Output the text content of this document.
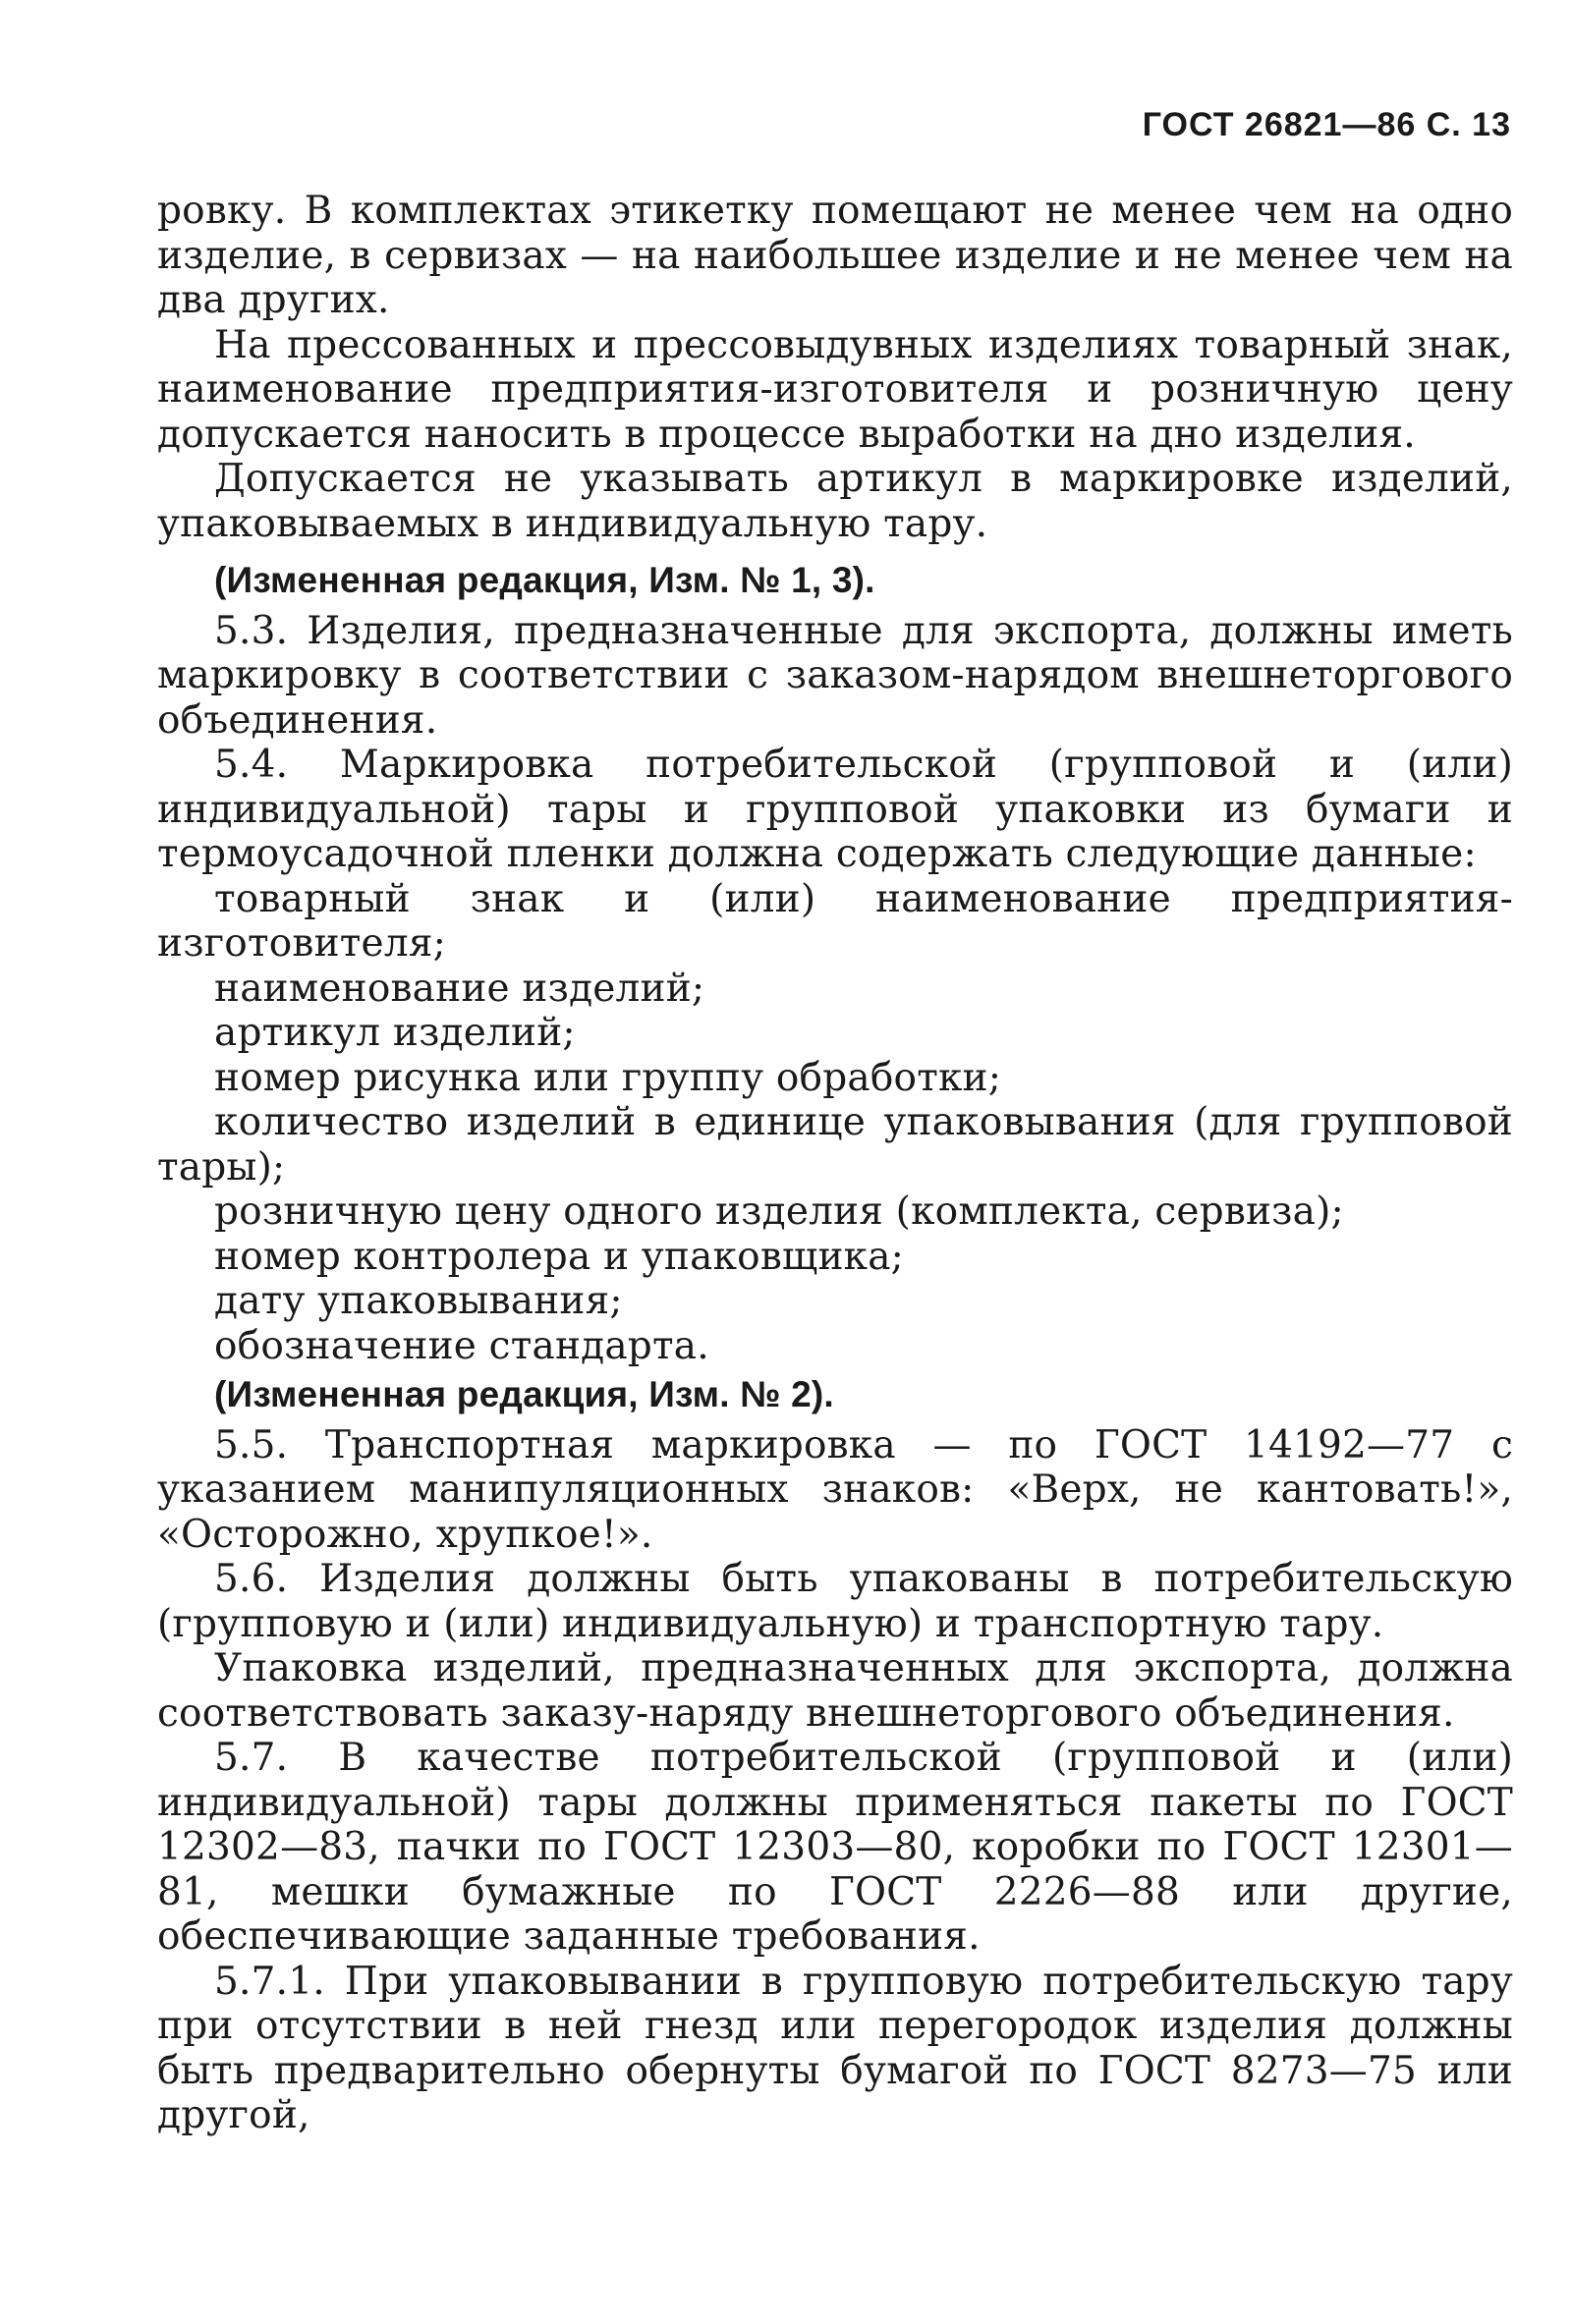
ГОСТ 26821—86 С. 13

ровку. В комплектах этикетку помещают не менее чем на одно изделие, в сервизах — на наибольшее изделие и не менее чем на два других.

На прессованных и прессовыдувных изделиях товарный знак, наименование предприятия-изготовителя и розничную цену допускается наносить в процессе выработки на дно изделия.

Допускается не указывать артикул в маркировке изделий, упаковываемых в индивидуальную тару.

(Измененная редакция, Изм. № 1, 3).

5.3. Изделия, предназначенные для экспорта, должны иметь маркировку в соответствии с заказом-нарядом внешнеторгового объединения.

5.4. Маркировка потребительской (групповой и (или) индивидуальной) тары и групповой упаковки из бумаги и термоусадочной пленки должна содержать следующие данные:

товарный знак и (или) наименование предприятия-изготовителя;

наименование изделий;

артикул изделий;

номер рисунка или группу обработки;

количество изделий в единице упаковывания (для групповой тары);

розничную цену одного изделия (комплекта, сервиза);

номер контролера и упаковщика;

дату упаковывания;

обозначение стандарта.

(Измененная редакция, Изм. № 2).

5.5. Транспортная маркировка — по ГОСТ 14192—77 с указанием манипуляционных знаков: «Верх, не кантовать!», «Осторожно, хрупкое!».

5.6. Изделия должны быть упакованы в потребительскую (групповую и (или) индивидуальную) и транспортную тару.

Упаковка изделий, предназначенных для экспорта, должна соответствовать заказу-наряду внешнеторгового объединения.

5.7. В качестве потребительской (групповой и (или) индивидуальной) тары должны применяться пакеты по ГОСТ 12302—83, пачки по ГОСТ 12303—80, коробки по ГОСТ 12301—81, мешки бумажные по ГОСТ 2226—88 или другие, обеспечивающие заданные требования.

5.7.1. При упаковывании в групповую потребительскую тару при отсутствии в ней гнезд или перегородок изделия должны быть предварительно обернуты бумагой по ГОСТ 8273—75 или другой,
